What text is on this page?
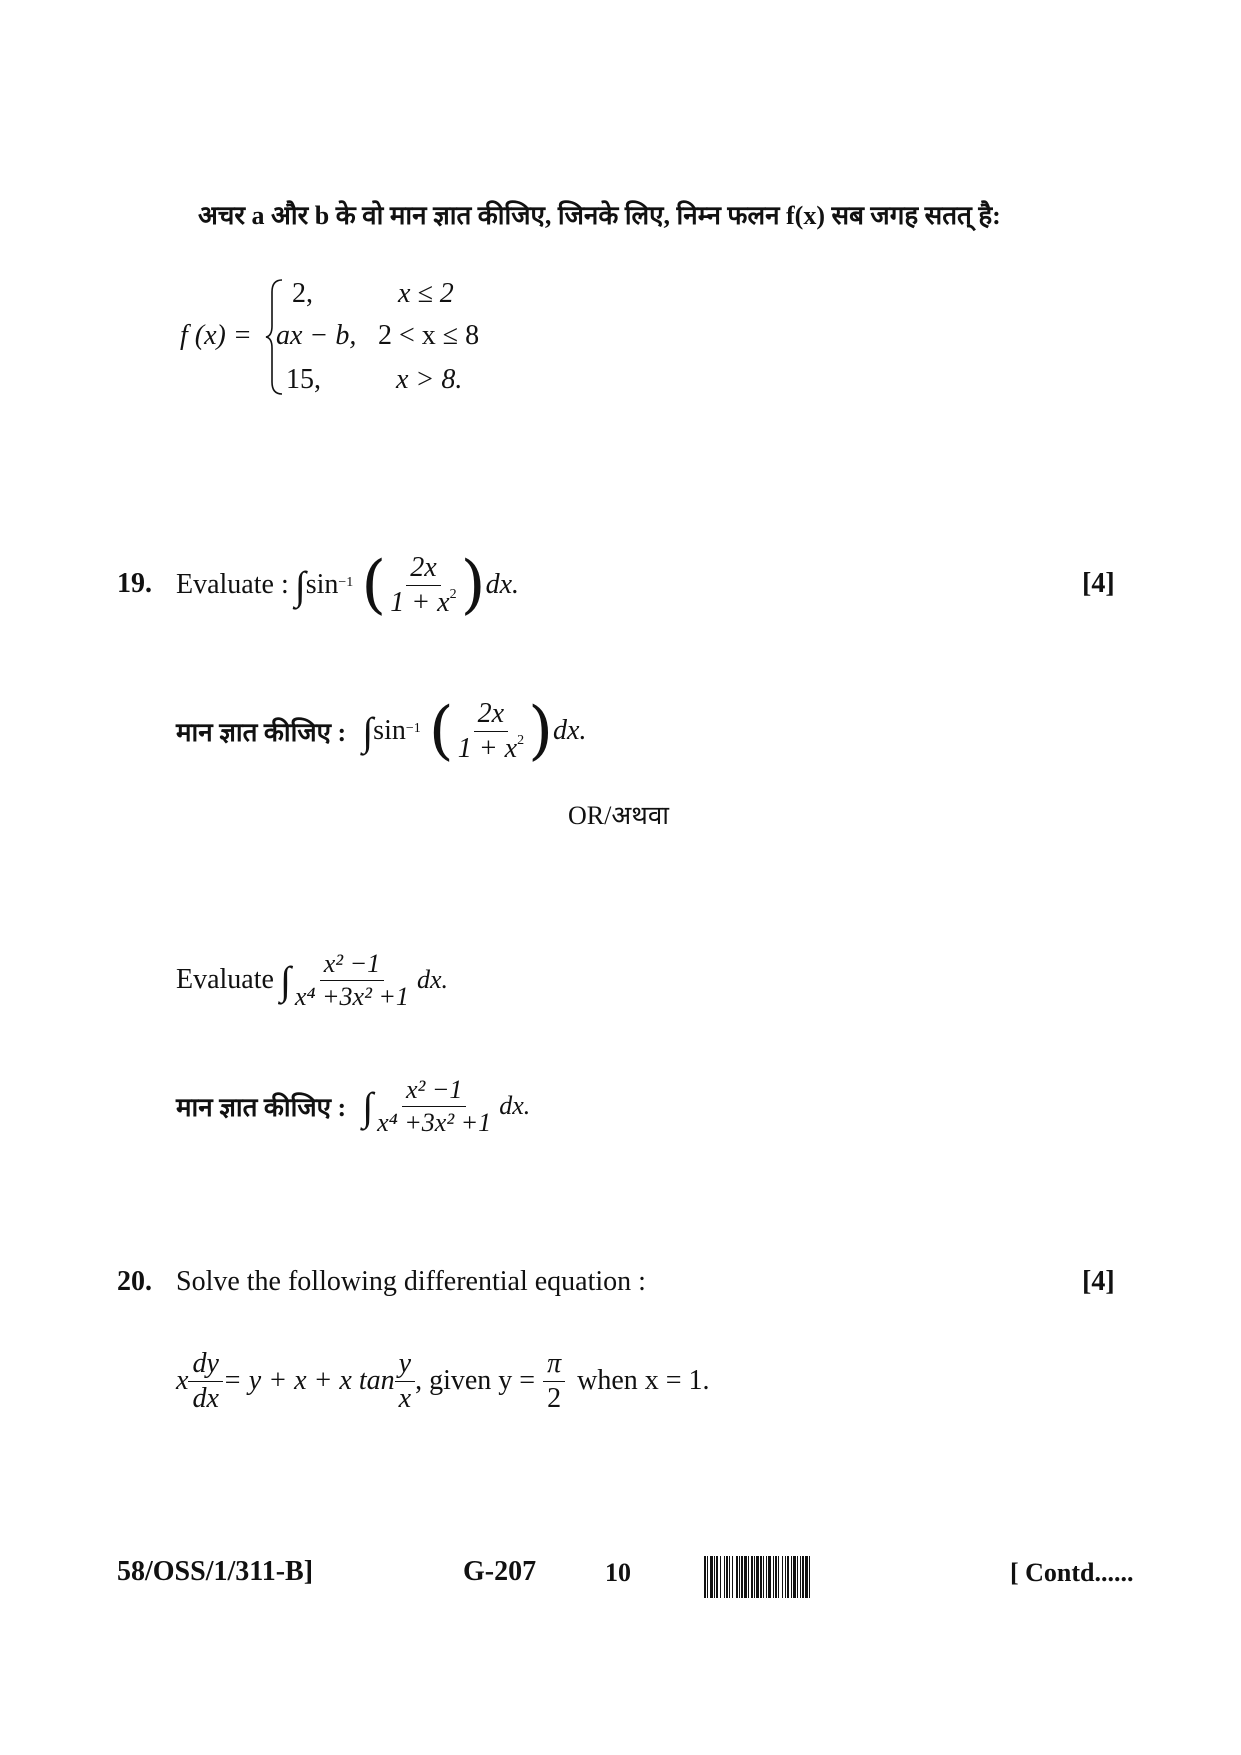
अचर a और b के वो मान ज्ञात कीजिए, जिनके लिए, निम्न फलन f(x) सब जगह सतत् है:
f (x) =
2,	x ≤ 2
ax − b, 2 < x ≤ 8
15,	x > 8.
19. Evaluate : ∫ sin −1 ( $\frac{2x}{1 + x^2}$ ) dx.	[4]
मान ज्ञात कीजिए : ∫ sin −1 ( $\frac{2x}{1 + x^2}$ ) dx.
OR/अथवा
Evaluate ∫ $\frac{\text{x² −1}}{\text{x⁴ +3x² +1}}$ dx.
मान ज्ञात कीजिए : ∫ $\frac{\text{x² −1}}{\text{x⁴ +3x² +1}}$ dx.
20. Solve the following differential equation :	[4]
x $\frac{dy}{dx} = y + x + x$ $\tan \frac{y}{x}$ , given $y = \frac{\pi}{2}$ when x = 1.
58/OSS/1/311-B]	G-207	10	[ Contd......
